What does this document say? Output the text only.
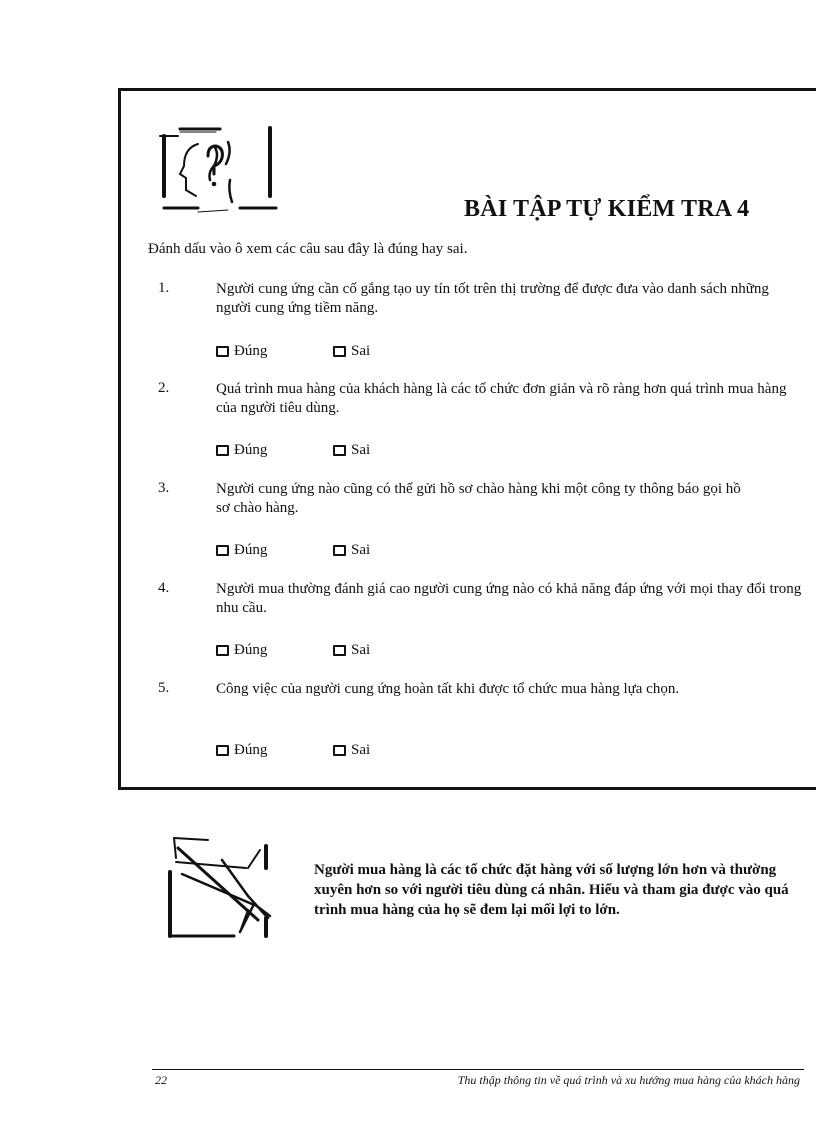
BÀI TẬP TỰ KIỂM TRA 4
Đánh dấu vào ô xem các câu sau đây là đúng hay sai.
1.	Người cung ứng cần cố gắng tạo uy tín tốt trên thị trường để được đưa vào danh sách những người cung ứng tiềm năng.
Đúng	Sai
2.	Quá trình mua hàng của khách hàng là các tổ chức đơn giản và rõ ràng hơn quá trình mua hàng của người tiêu dùng.
Đúng	Sai
3.	Người cung ứng nào cũng có thể gửi hồ sơ chào hàng khi một công ty thông báo gọi hồ sơ chào hàng.
Đúng	Sai
4.	Người mua thường đánh giá cao người cung ứng nào có khả năng đáp ứng với mọi thay đổi trong nhu cầu.
Đúng	Sai
5.	Công việc của người cung ứng hoàn tất khi được tổ chức mua hàng lựa chọn.
Đúng	Sai
Người mua hàng là các tổ chức đặt hàng với số lượng lớn hơn và thường xuyên hơn so với người tiêu dùng cá nhân. Hiểu và tham gia được vào quá trình mua hàng của họ sẽ đem lại mối lợi to lớn.
22	Thu thập thông tin về quá trình và xu hướng mua hàng của khách hàng
